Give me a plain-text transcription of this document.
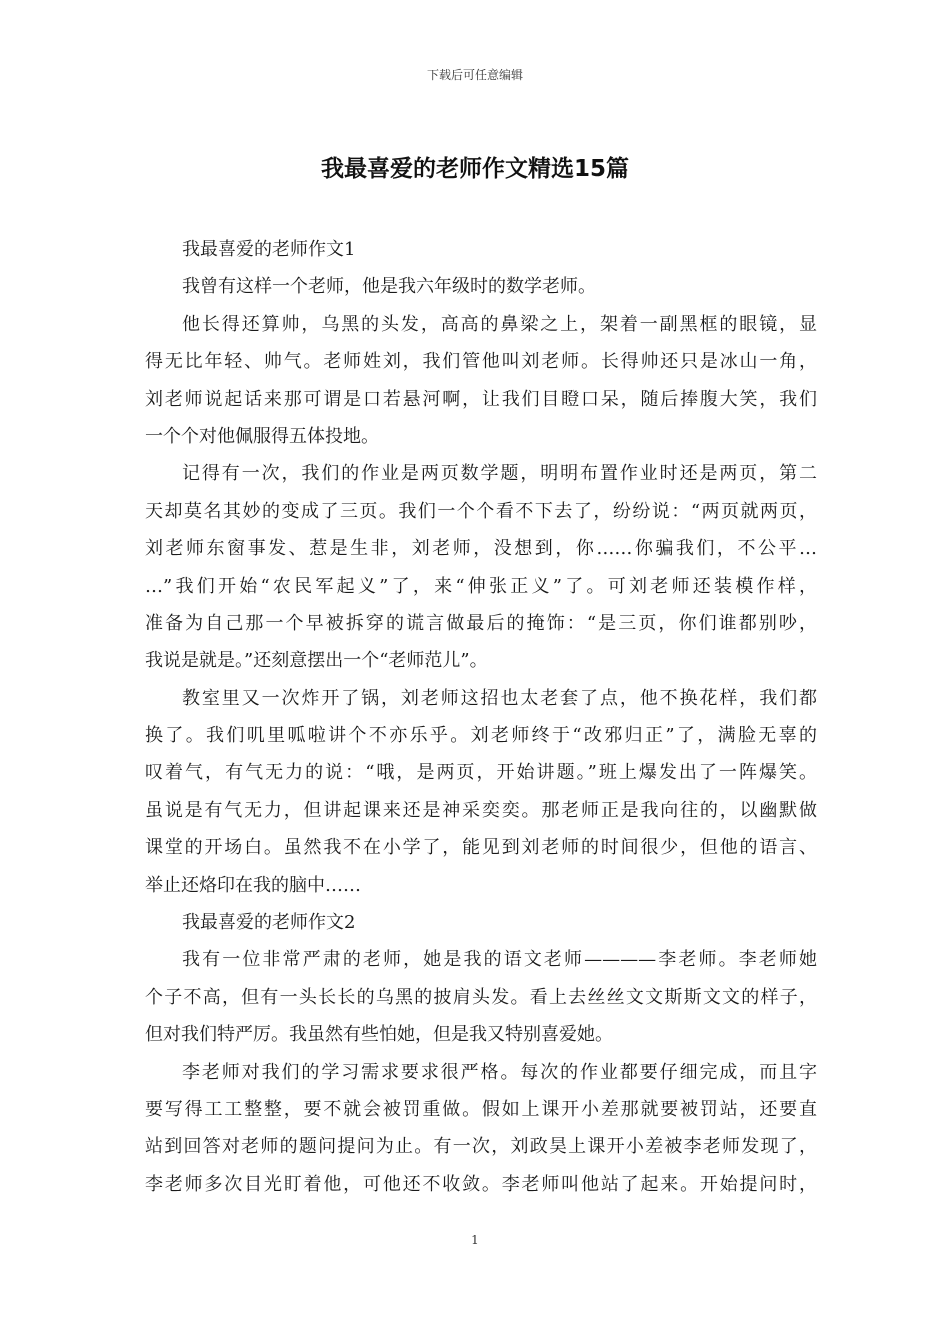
下载后可任意编辑
我最喜爱的老师作文精选15篇
我最喜爱的老师作文1
我曾有这样一个老师，他是我六年级时的数学老师。
他长得还算帅，乌黑的头发，高高的鼻梁之上，架着一副黑框的眼镜，显
得无比年轻、帅气。老师姓刘，我们管他叫刘老师。长得帅还只是冰山一角，
刘老师说起话来那可谓是口若悬河啊，让我们目瞪口呆，随后捧腹大笑，我们
一个个对他佩服得五体投地。
记得有一次，我们的作业是两页数学题，明明布置作业时还是两页，第二
天却莫名其妙的变成了三页。我们一个个看不下去了，纷纷说：“两页就两页，
刘老师东窗事发、惹是生非，刘老师，没想到，你……你骗我们，不公平…
…”我们开始“农民军起义”了，来“伸张正义”了。可刘老师还装模作样，
准备为自己那一个早被拆穿的谎言做最后的掩饰：“是三页，你们谁都别吵，
我说是就是。”还刻意摆出一个“老师范儿”。
教室里又一次炸开了锅，刘老师这招也太老套了点，他不换花样，我们都
换了。我们叽里呱啦讲个不亦乐乎。刘老师终于“改邪归正”了，满脸无辜的
叹着气，有气无力的说：“哦，是两页，开始讲题。”班上爆发出了一阵爆笑。
虽说是有气无力，但讲起课来还是神采奕奕。那老师正是我向往的，以幽默做
课堂的开场白。虽然我不在小学了，能见到刘老师的时间很少，但他的语言、
举止还烙印在我的脑中……
我最喜爱的老师作文2
我有一位非常严肃的老师，她是我的语文老师————李老师。李老师她
个子不高，但有一头长长的乌黑的披肩头发。看上去丝丝文文斯斯文文的样子，
但对我们特严厉。我虽然有些怕她，但是我又特别喜爱她。
李老师对我们的学习需求要求很严格。每次的作业都要仔细完成，而且字
要写得工工整整，要不就会被罚重做。假如上课开小差那就要被罚站，还要直
站到回答对老师的题问提问为止。有一次，刘政昊上课开小差被李老师发现了，
李老师多次目光盯着他，可他还不收敛。李老师叫他站了起来。开始提问时，
1
